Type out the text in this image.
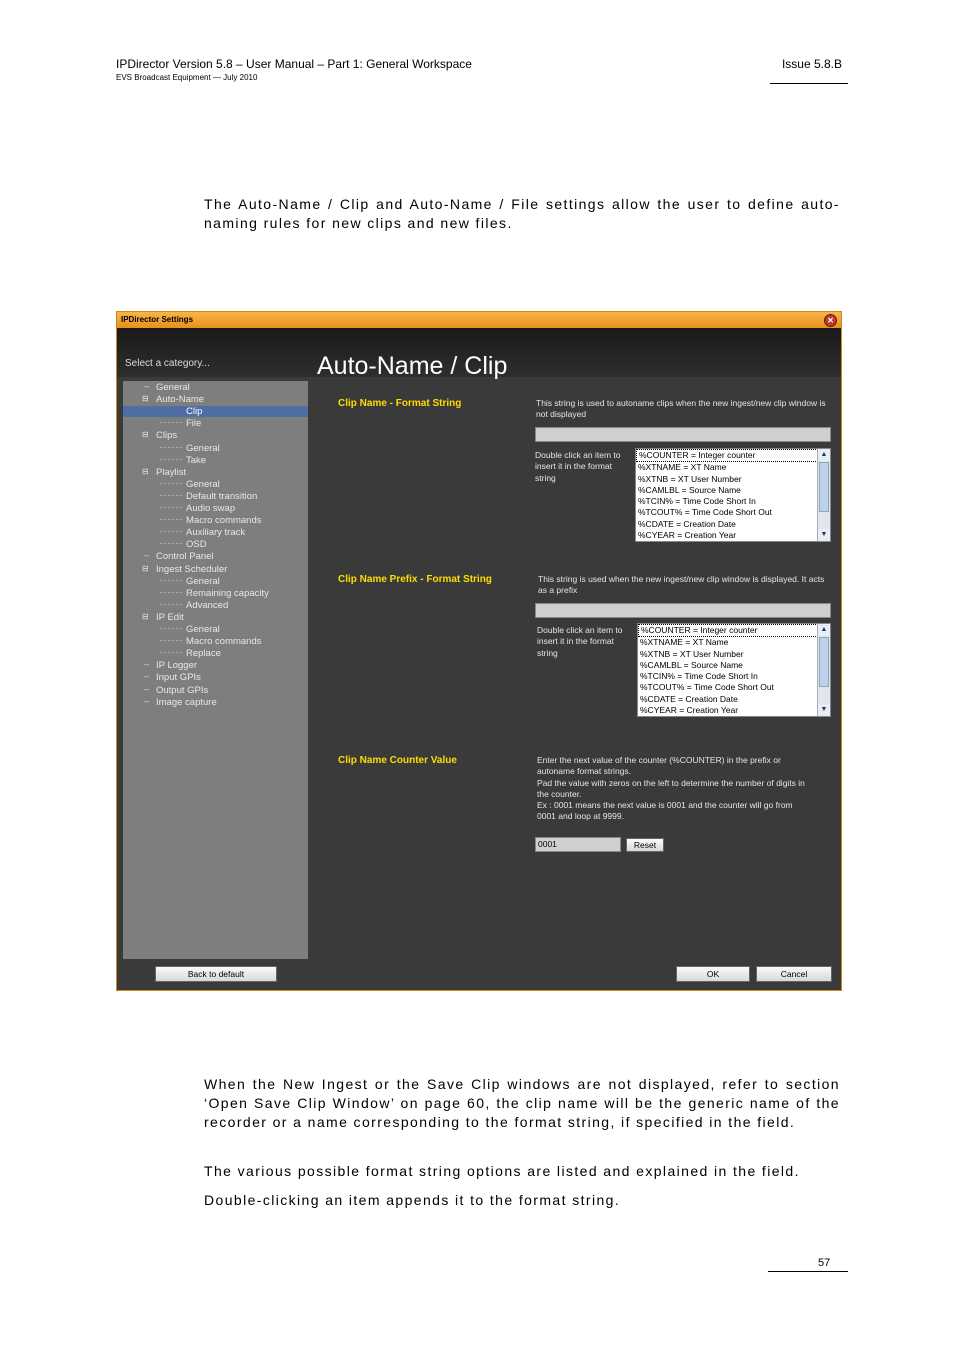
IPDirector Version 5.8 – User Manual – Part 1: General Workspace
EVS Broadcast Equipment — July 2010
Issue 5.8.B
The Auto-Name / Clip and Auto-Name / File settings allow the user to define auto-naming rules for new clips and new files.
IPDirector Settings	✕
Auto-Name / Clip
Select a category...
-- General
⊟ Auto-Name
Clip
········· File
⊟ Clips
········· General
········· Take
⊟ Playlist
········· General
········· Default transition
········· Audio swap
········· Macro commands
········· Auxiliary track
········· OSD
-- Control Panel
⊟ Ingest Scheduler
········· General
········· Remaining capacity
········· Advanced
⊟ IP Edit
········· General
········· Macro commands
········· Replace
-- IP Logger
-- Input GPIs
-- Output GPIs
-- Image capture
Clip Name - Format String	This string is used to autoname clips when the new ingest/new clip window is not displayed
Double click an item to insert it in the format string
%COUNTER = Integer counter
%XTNAME = XT Name
%XTNB = XT User Number
%CAMLBL = Source Name
%TCIN% = Time Code Short In
%TCOUT% = Time Code Short Out
%CDATE = Creation Date
%CYEAR = Creation Year
▲
▼
Clip Name Prefix - Format String	This string is used when the new ingest/new clip window is displayed. It acts as a prefix
Double click an item to insert it in the format string
%COUNTER = Integer counter
%XTNAME = XT Name
%XTNB = XT User Number
%CAMLBL = Source Name
%TCIN% = Time Code Short In
%TCOUT% = Time Code Short Out
%CDATE = Creation Date
%CYEAR = Creation Year
▲
▼
Clip Name Counter Value	Enter the next value of the counter (%COUNTER) in the prefix or
autoname format strings.
Pad the value with zeros on the left to determine the number of digits in
the counter.
Ex : 0001 means the next value is 0001 and the counter will go from
0001 and loop at 9999.
0001	Reset
Back to default	OK	Cancel
When the New Ingest or the Save Clip windows are not displayed, refer to section ‘Open Save Clip Window’ on page 60, the clip name will be the generic name of the recorder or a name corresponding to the format string, if specified in the field.
The various possible format string options are listed and explained in the field.
Double-clicking an item appends it to the format string.
57
